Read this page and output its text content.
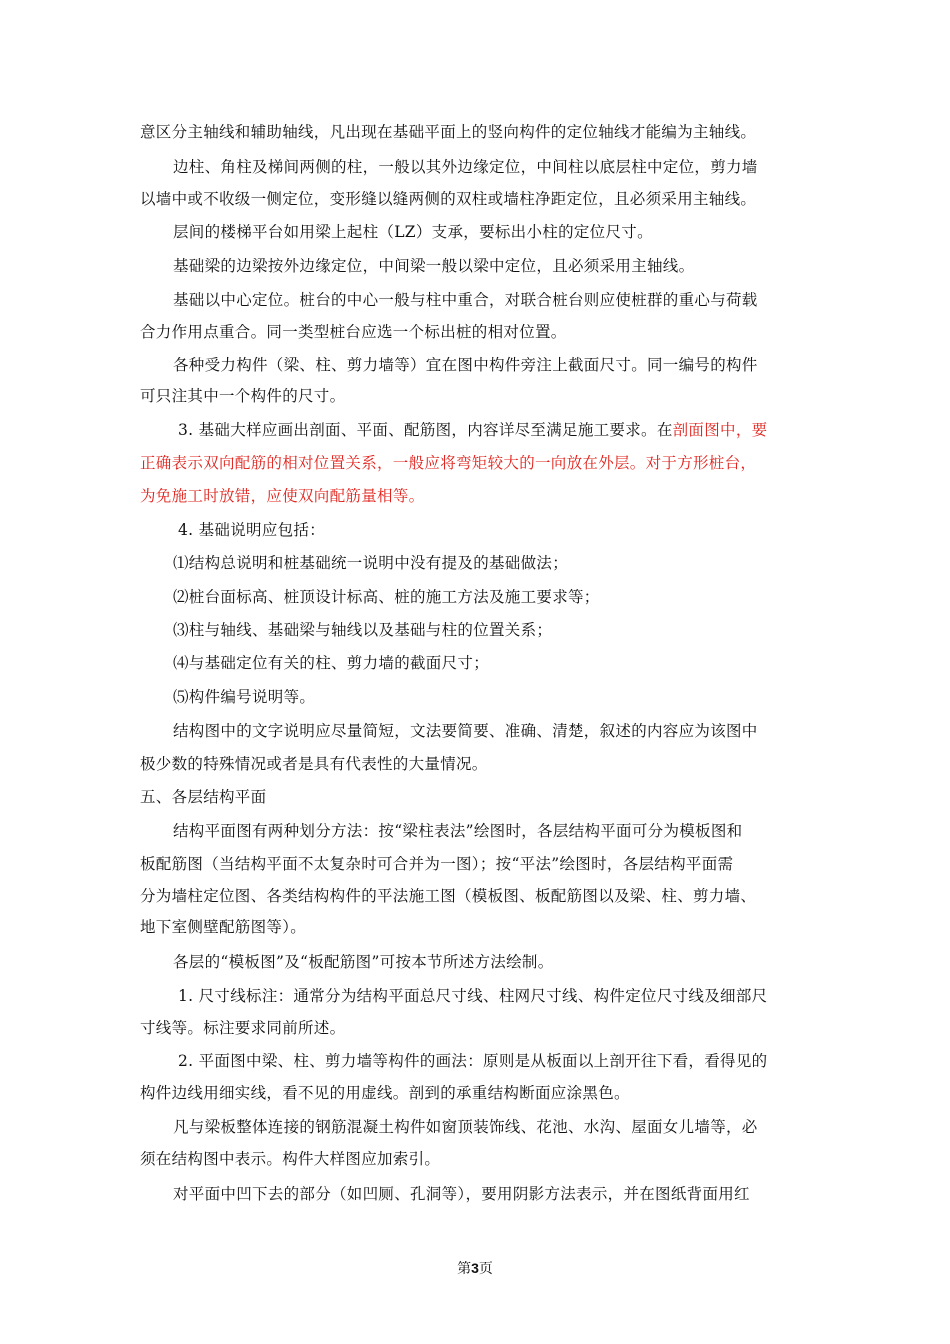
意区分主轴线和辅助轴线，凡出现在基础平面上的竖向构件的定位轴线才能编为主轴线。
边柱、角柱及梯间两侧的柱，一般以其外边缘定位，中间柱以底层柱中定位，剪力墙
以墙中或不收级一侧定位，变形缝以缝两侧的双柱或墙柱净距定位，且必须采用主轴线。
层间的楼梯平台如用梁上起柱（LZ）支承，要标出小柱的定位尺寸。
基础梁的边梁按外边缘定位，中间梁一般以梁中定位，且必须采用主轴线。
基础以中心定位。桩台的中心一般与柱中重合，对联合桩台则应使桩群的重心与荷载
合力作用点重合。同一类型桩台应选一个标出桩的相对位置。
各种受力构件（梁、柱、剪力墙等）宜在图中构件旁注上截面尺寸。同一编号的构件
可只注其中一个构件的尺寸。
3. 基础大样应画出剖面、平面、配筋图，内容详尽至满足施工要求。在剖面图中，要
正确表示双向配筋的相对位置关系，一般应将弯矩较大的一向放在外层。对于方形桩台，
为免施工时放错，应使双向配筋量相等。
4. 基础说明应包括：
⑴结构总说明和桩基础统一说明中没有提及的基础做法；
⑵桩台面标高、桩顶设计标高、桩的施工方法及施工要求等；
⑶柱与轴线、基础梁与轴线以及基础与柱的位置关系；
⑷与基础定位有关的柱、剪力墙的截面尺寸；
⑸构件编号说明等。
结构图中的文字说明应尽量简短，文法要简要、准确、清楚，叙述的内容应为该图中
极少数的特殊情况或者是具有代表性的大量情况。
五、各层结构平面
结构平面图有两种划分方法：按“梁柱表法”绘图时，各层结构平面可分为模板图和
板配筋图（当结构平面不太复杂时可合并为一图）；按“平法”绘图时，各层结构平面需
分为墙柱定位图、各类结构构件的平法施工图（模板图、板配筋图以及梁、柱、剪力墙、
地下室侧壁配筋图等）。
各层的“模板图”及“板配筋图”可按本节所述方法绘制。
1. 尺寸线标注：通常分为结构平面总尺寸线、柱网尺寸线、构件定位尺寸线及细部尺
寸线等。标注要求同前所述。
2. 平面图中梁、柱、剪力墙等构件的画法：原则是从板面以上剖开往下看，看得见的
构件边线用细实线，看不见的用虚线。剖到的承重结构断面应涂黑色。
凡与梁板整体连接的钢筋混凝土构件如窗顶装饰线、花池、水沟、屋面女儿墙等，必
须在结构图中表示。构件大样图应加索引。
对平面中凹下去的部分（如凹厕、孔洞等），要用阴影方法表示，并在图纸背面用红
第3页
